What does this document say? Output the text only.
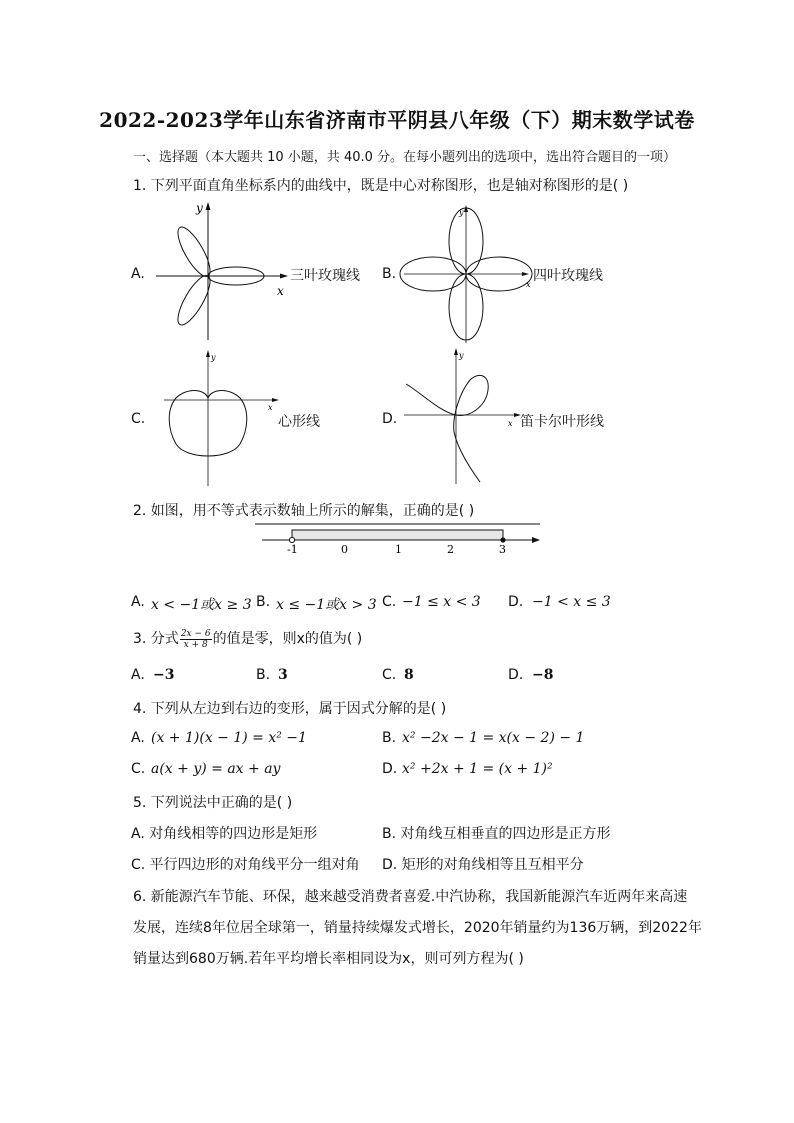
2022-2023学年山东省济南市平阴县八年级（下）期末数学试卷
一、选择题（本大题共 10 小题，共 40.0 分。在每小题列出的选项中，选出符合题目的一项）
1. 下列平面直角坐标系内的曲线中，既是中心对称图形，也是轴对称图形的是( )
A.
y
x
三叶玫瑰线 B.
y
x
四叶玫瑰线
C.
y
x
心形线	D.
y
x 笛卡尔叶形线
2. 如图，用不等式表示数轴上所示的解集，正确的是( )
-1	0	1	2	3
A. x < −1或x ≥ 3 B. x ≤ −1或x > 3 C. −1 ≤ x < 3 D. −1 < x ≤ 3
3. 分式 $\frac{2x - 6}{x + 8}$ 的值是零，则x的值为( )
A. −3	B. 3	C. 8	D. −8
4. 下列从左边到右边的变形，属于因式分解的是( )
A. (x + 1)(x − 1) = x² −1	B. x² −2x − 1 = x(x − 2) − 1
C. a(x + y) = ax + ay	D. x² +2x + 1 = (x + 1)²
5. 下列说法中正确的是( )
A. 对角线相等的四边形是矩形	B. 对角线互相垂直的四边形是正方形
C. 平行四边形的对角线平分一组对角 D. 矩形的对角线相等且互相平分
6. 新能源汽车节能、环保，越来越受消费者喜爱.中汽协称，我国新能源汽车近两年来高速
发展，连续8年位居全球第一，销量持续爆发式增长，2020年销量约为136万辆，到2022年
销量达到680万辆.若年平均增长率相同设为x，则可列方程为( )
